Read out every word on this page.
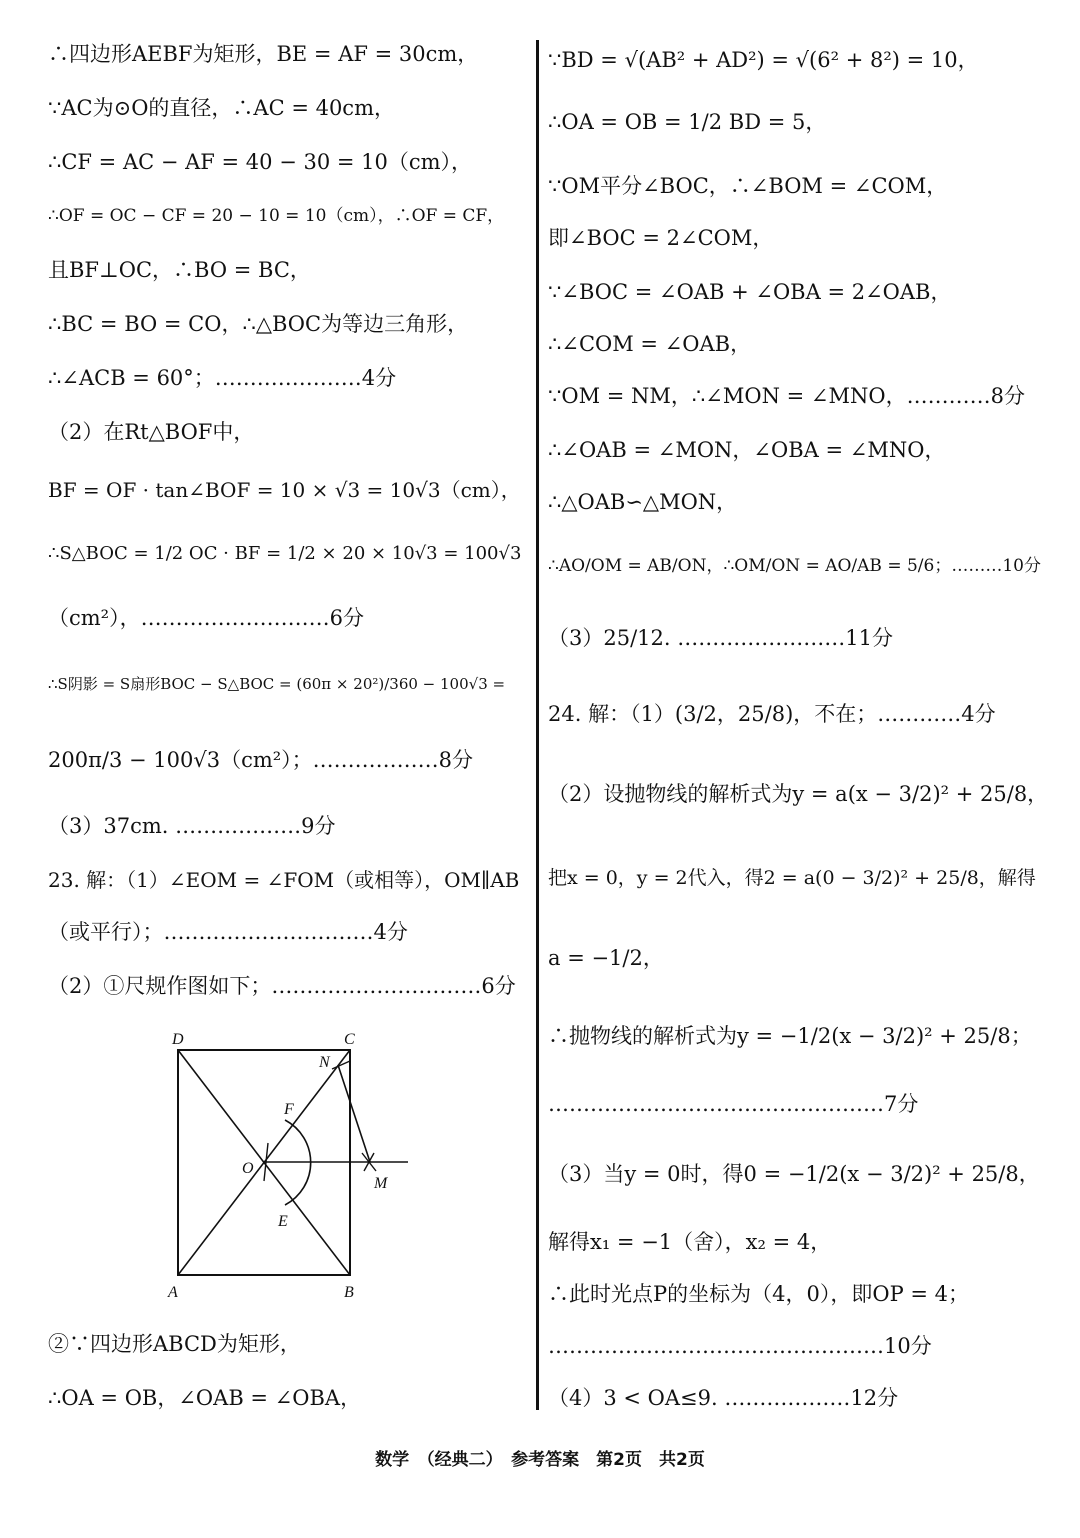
∴四边形AEBF为矩形，BE = AF = 30cm，
∵AC为⊙O的直径，∴AC = 40cm，
∴CF = AC − AF = 40 − 30 = 10（cm），
∴OF = OC − CF = 20 − 10 = 10（cm），∴OF = CF，
且BF⊥OC，∴BO = BC，
∴BC = BO = CO，∴△BOC为等边三角形，
∴∠ACB = 60°；…………………4分
（2）在Rt△BOF中，
BF = OF · tan∠BOF = 10 × √3 = 10√3（cm），
∴S△BOC = 1/2 OC · BF = 1/2 × 20 × 10√3 = 100√3
（cm²），………………………6分
∴S阴影 = S扇形BOC − S△BOC = (60π × 20²)/360 − 100√3 =
200π/3 − 100√3（cm²）；………………8分
（3）37cm. ………………9分
23. 解：（1）∠EOM = ∠FOM（或相等），OM∥AB
（或平行）；…………………………4分
（2）①尺规作图如下；…………………………6分
②∵四边形ABCD为矩形，
∴OA = OB，∠OAB = ∠OBA，
D	C
N
F
O
M
E
A	B
∵BD = √(AB² + AD²) = √(6² + 8²) = 10，
∴OA = OB = 1/2 BD = 5，
∵OM平分∠BOC，∴∠BOM = ∠COM，
即∠BOC = 2∠COM，
∵∠BOC = ∠OAB + ∠OBA = 2∠OAB，
∴∠COM = ∠OAB，
∵OM = NM，∴∠MON = ∠MNO，…………8分
∴∠OAB = ∠MON，∠OBA = ∠MNO，
∴△OAB∽△MON，
∴AO/OM = AB/ON，∴OM/ON = AO/AB = 5/6；………10分
（3）25/12. ……………………11分
24. 解：（1）(3/2，25/8)，不在；…………4分
（2）设抛物线的解析式为y = a(x − 3/2)² + 25/8，
把x = 0，y = 2代入，得2 = a(0 − 3/2)² + 25/8，解得
a = −1/2，
∴抛物线的解析式为y = −1/2(x − 3/2)² + 25/8；
…………………………………………7分
（3）当y = 0时，得0 = −1/2(x − 3/2)² + 25/8，
解得x₁ = −1（舍），x₂ = 4，
∴此时光点P的坐标为（4，0），即OP = 4；
…………………………………………10分
（4）3 < OA≤9. ………………12分
数学　（经典二）　参考答案　第2页　共2页
